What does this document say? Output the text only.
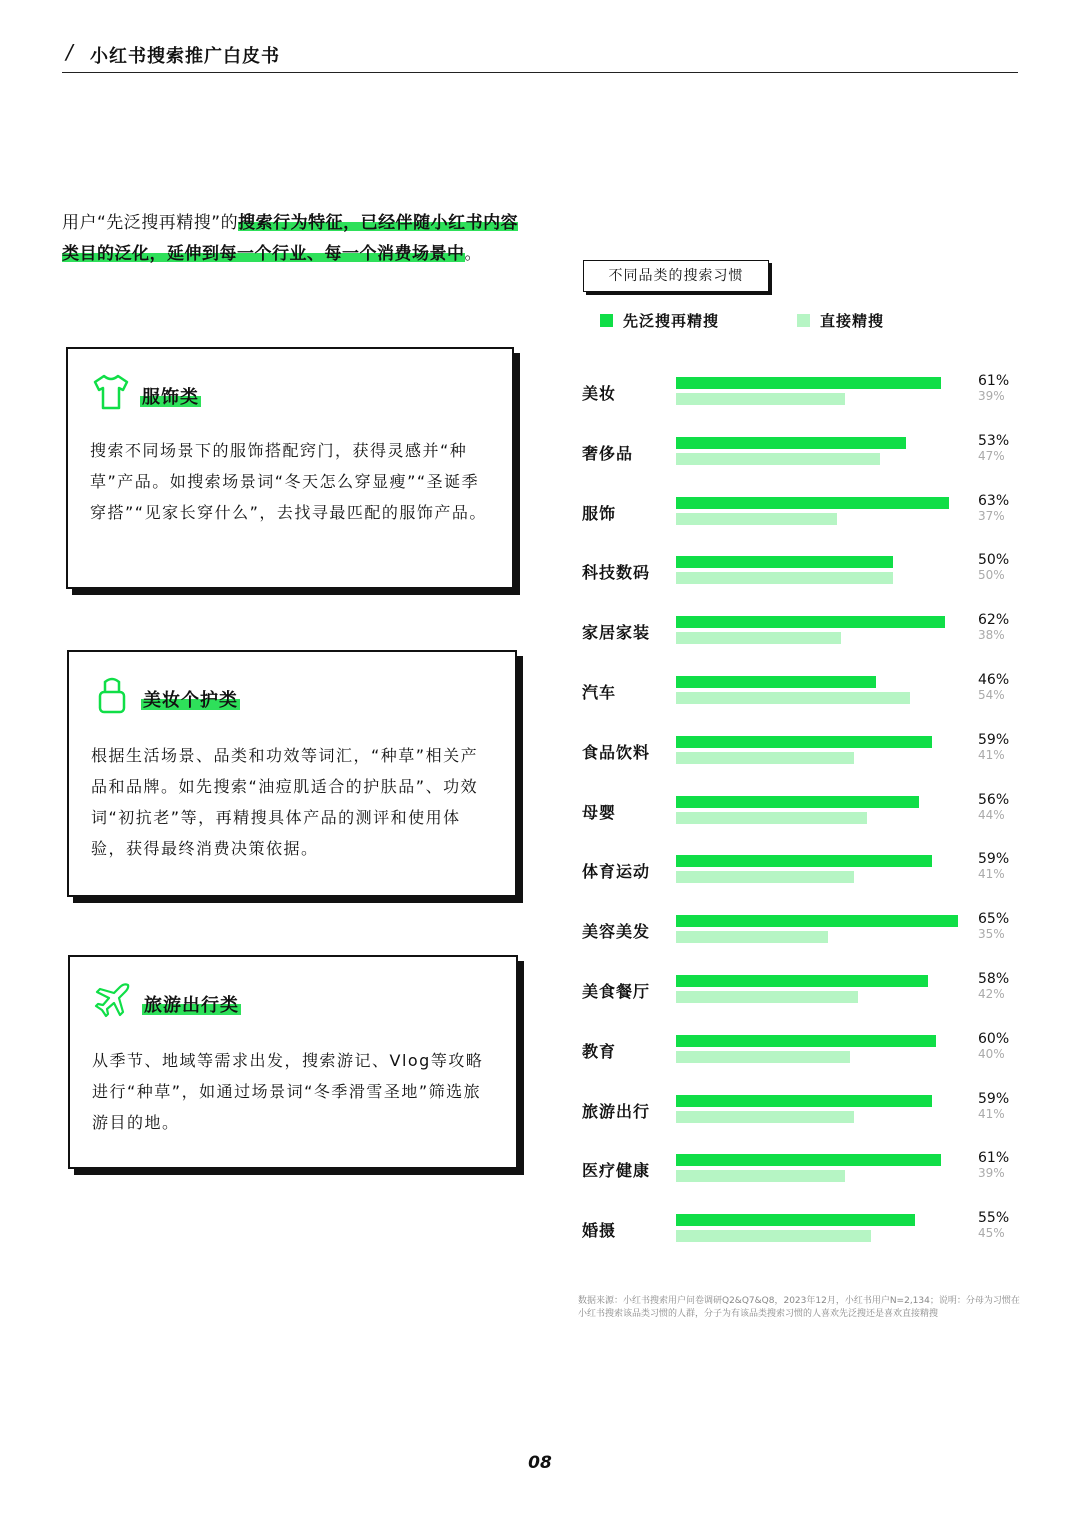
/ 小红书搜索推广白皮书
用户“先泛搜再精搜”的搜索行为特征，已经伴随小红书内容类目的泛化，延伸到每一个行业、每一个消费场景中。
服饰类
搜索不同场景下的服饰搭配窍门，获得灵感并“种草”产品。如搜索场景词“冬天怎么穿显瘦”“圣诞季穿搭”“见家长穿什么”，去找寻最匹配的服饰产品。
美妆个护类
根据生活场景、品类和功效等词汇，“种草”相关产品和品牌。如先搜索“油痘肌适合的护肤品”、功效词“初抗老”等，再精搜具体产品的测评和使用体验，获得最终消费决策依据。
旅游出行类
从季节、地域等需求出发，搜索游记、Vlog等攻略进行“种草”，如通过场景词“冬季滑雪圣地”筛选旅游目的地。
不同品类的搜索习惯
先泛搜再精搜	直接精搜
美妆
61%
39%
奢侈品
53%
47%
服饰
63%
37%
科技数码
50%
50%
家居家装
62%
38%
汽车
46%
54%
食品饮料
59%
41%
母婴
56%
44%
体育运动
59%
41%
美容美发
65%
35%
美食餐厅
58%
42%
教育
60%
40%
旅游出行
59%
41%
医疗健康
61%
39%
婚摄
55%
45%
数据来源：小红书搜索用户问卷调研Q2&Q7&Q8，2023年12月，小红书用户N=2,134；说明：分母为习惯在小红书搜索该品类习惯的人群，分子为有该品类搜索习惯的人喜欢先泛搜还是喜欢直接精搜
08
